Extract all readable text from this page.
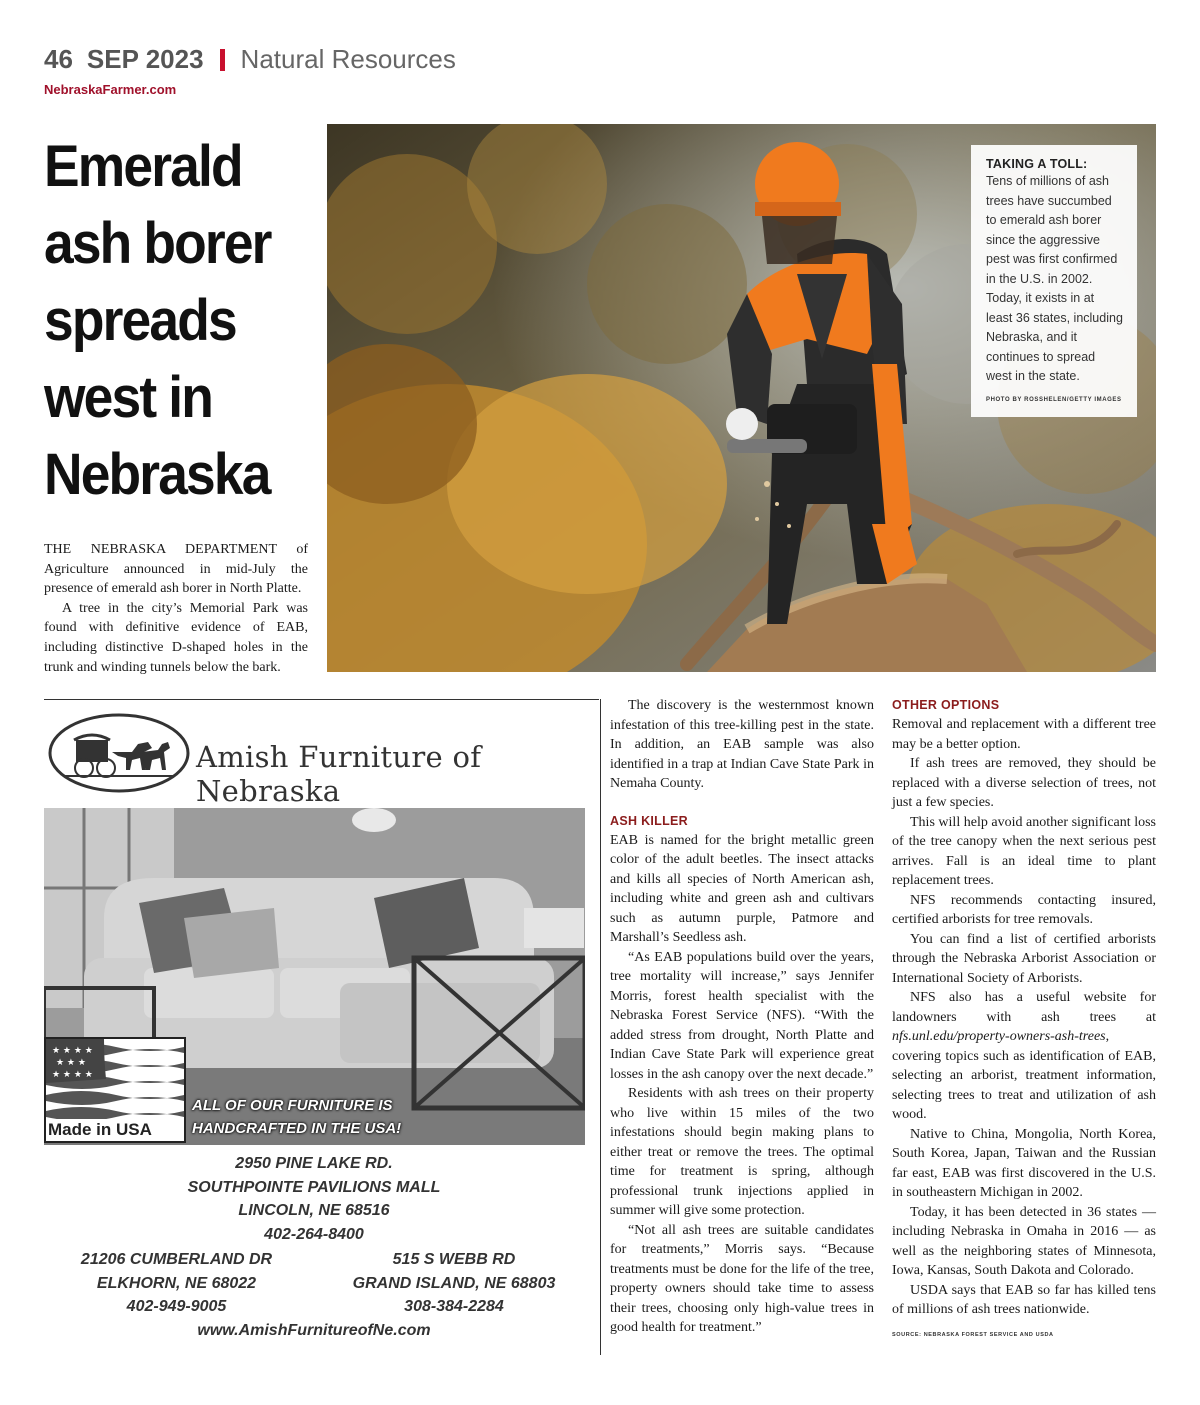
46 SEP 2023 Natural Resources
NebraskaFarmer.com
Emerald ash borer spreads west in Nebraska

THE NEBRASKA DEPARTMENT of Agriculture announced in mid-July the presence of emerald ash borer in North Platte.

A tree in the city’s Memorial Park was found with definitive evidence of EAB, including distinctive D-shaped holes in the trunk and winding tunnels below the bark.

TAKING A TOLL:
Tens of millions of ash trees have succumbed to emerald ash borer since the aggressive pest was first confirmed in the U.S. in 2002. Today, it exists in at least 36 states, including Nebraska, and it continues to spread west in the state.
PHOTO BY ROSSHELEN/GETTY IMAGES
Amish Furniture of Nebraska
★ ★ ★ ★
★ ★ ★
★ ★ ★ ★
Made in USA
ALL OF OUR FURNITURE IS
HANDCRAFTED IN THE USA!
2950 PINE LAKE RD.
SOUTHPOINTE PAVILIONS MALL
LINCOLN, NE 68516
402-264-8400
21206 CUMBERLAND DR
ELKHORN, NE 68022
402-949-9005
515 S WEBB RD
GRAND ISLAND, NE 68803
308-384-2284
www.AmishFurnitureofNe.com

The discovery is the westernmost known infestation of this tree-killing pest in the state. In addition, an EAB sample was also identified in a trap at Indian Cave State Park in Nemaha County.

ASH KILLER

EAB is named for the bright metallic green color of the adult beetles. The insect attacks and kills all species of North American ash, including white and green ash and cultivars such as autumn purple, Patmore and Marshall’s Seedless ash.

“As EAB populations build over the years, tree mortality will increase,” says Jennifer Morris, forest health specialist with the Nebraska Forest Service (NFS). “With the added stress from drought, North Platte and Indian Cave State Park will experience great losses in the ash canopy over the next decade.”

Residents with ash trees on their property who live within 15 miles of the two infestations should begin making plans to either treat or remove the trees. The optimal time for treatment is spring, although professional trunk injections applied in summer will give some protection.

“Not all ash trees are suitable candidates for treatments,” Morris says. “Because treatments must be done for the life of the tree, property owners should take time to assess their trees, choosing only high-value trees in good health for treatment.”

OTHER OPTIONS

Removal and replacement with a different tree may be a better option.

If ash trees are removed, they should be replaced with a diverse selection of trees, not just a few species.

This will help avoid another significant loss of the tree canopy when the next serious pest arrives. Fall is an ideal time to plant replacement trees.

NFS recommends contacting insured, certified arborists for tree removals.

You can find a list of certified arborists through the Nebraska Arborist Association or International Society of Arborists.

NFS also has a useful website for landowners with ash trees at nfs.unl.edu/property-owners-ash-trees, covering topics such as identification of EAB, selecting an arborist, treatment information, selecting trees to treat and utilization of ash wood.

Native to China, Mongolia, North Korea, South Korea, Japan, Taiwan and the Russian far east, EAB was first discovered in the U.S. in southeastern Michigan in 2002.

Today, it has been detected in 36 states — including Nebraska in Omaha in 2016 — as well as the neighboring states of Minnesota, Iowa, Kansas, South Dakota and Colorado.

USDA says that EAB so far has killed tens of millions of ash trees nationwide.

SOURCE: NEBRASKA FOREST SERVICE AND USDA
